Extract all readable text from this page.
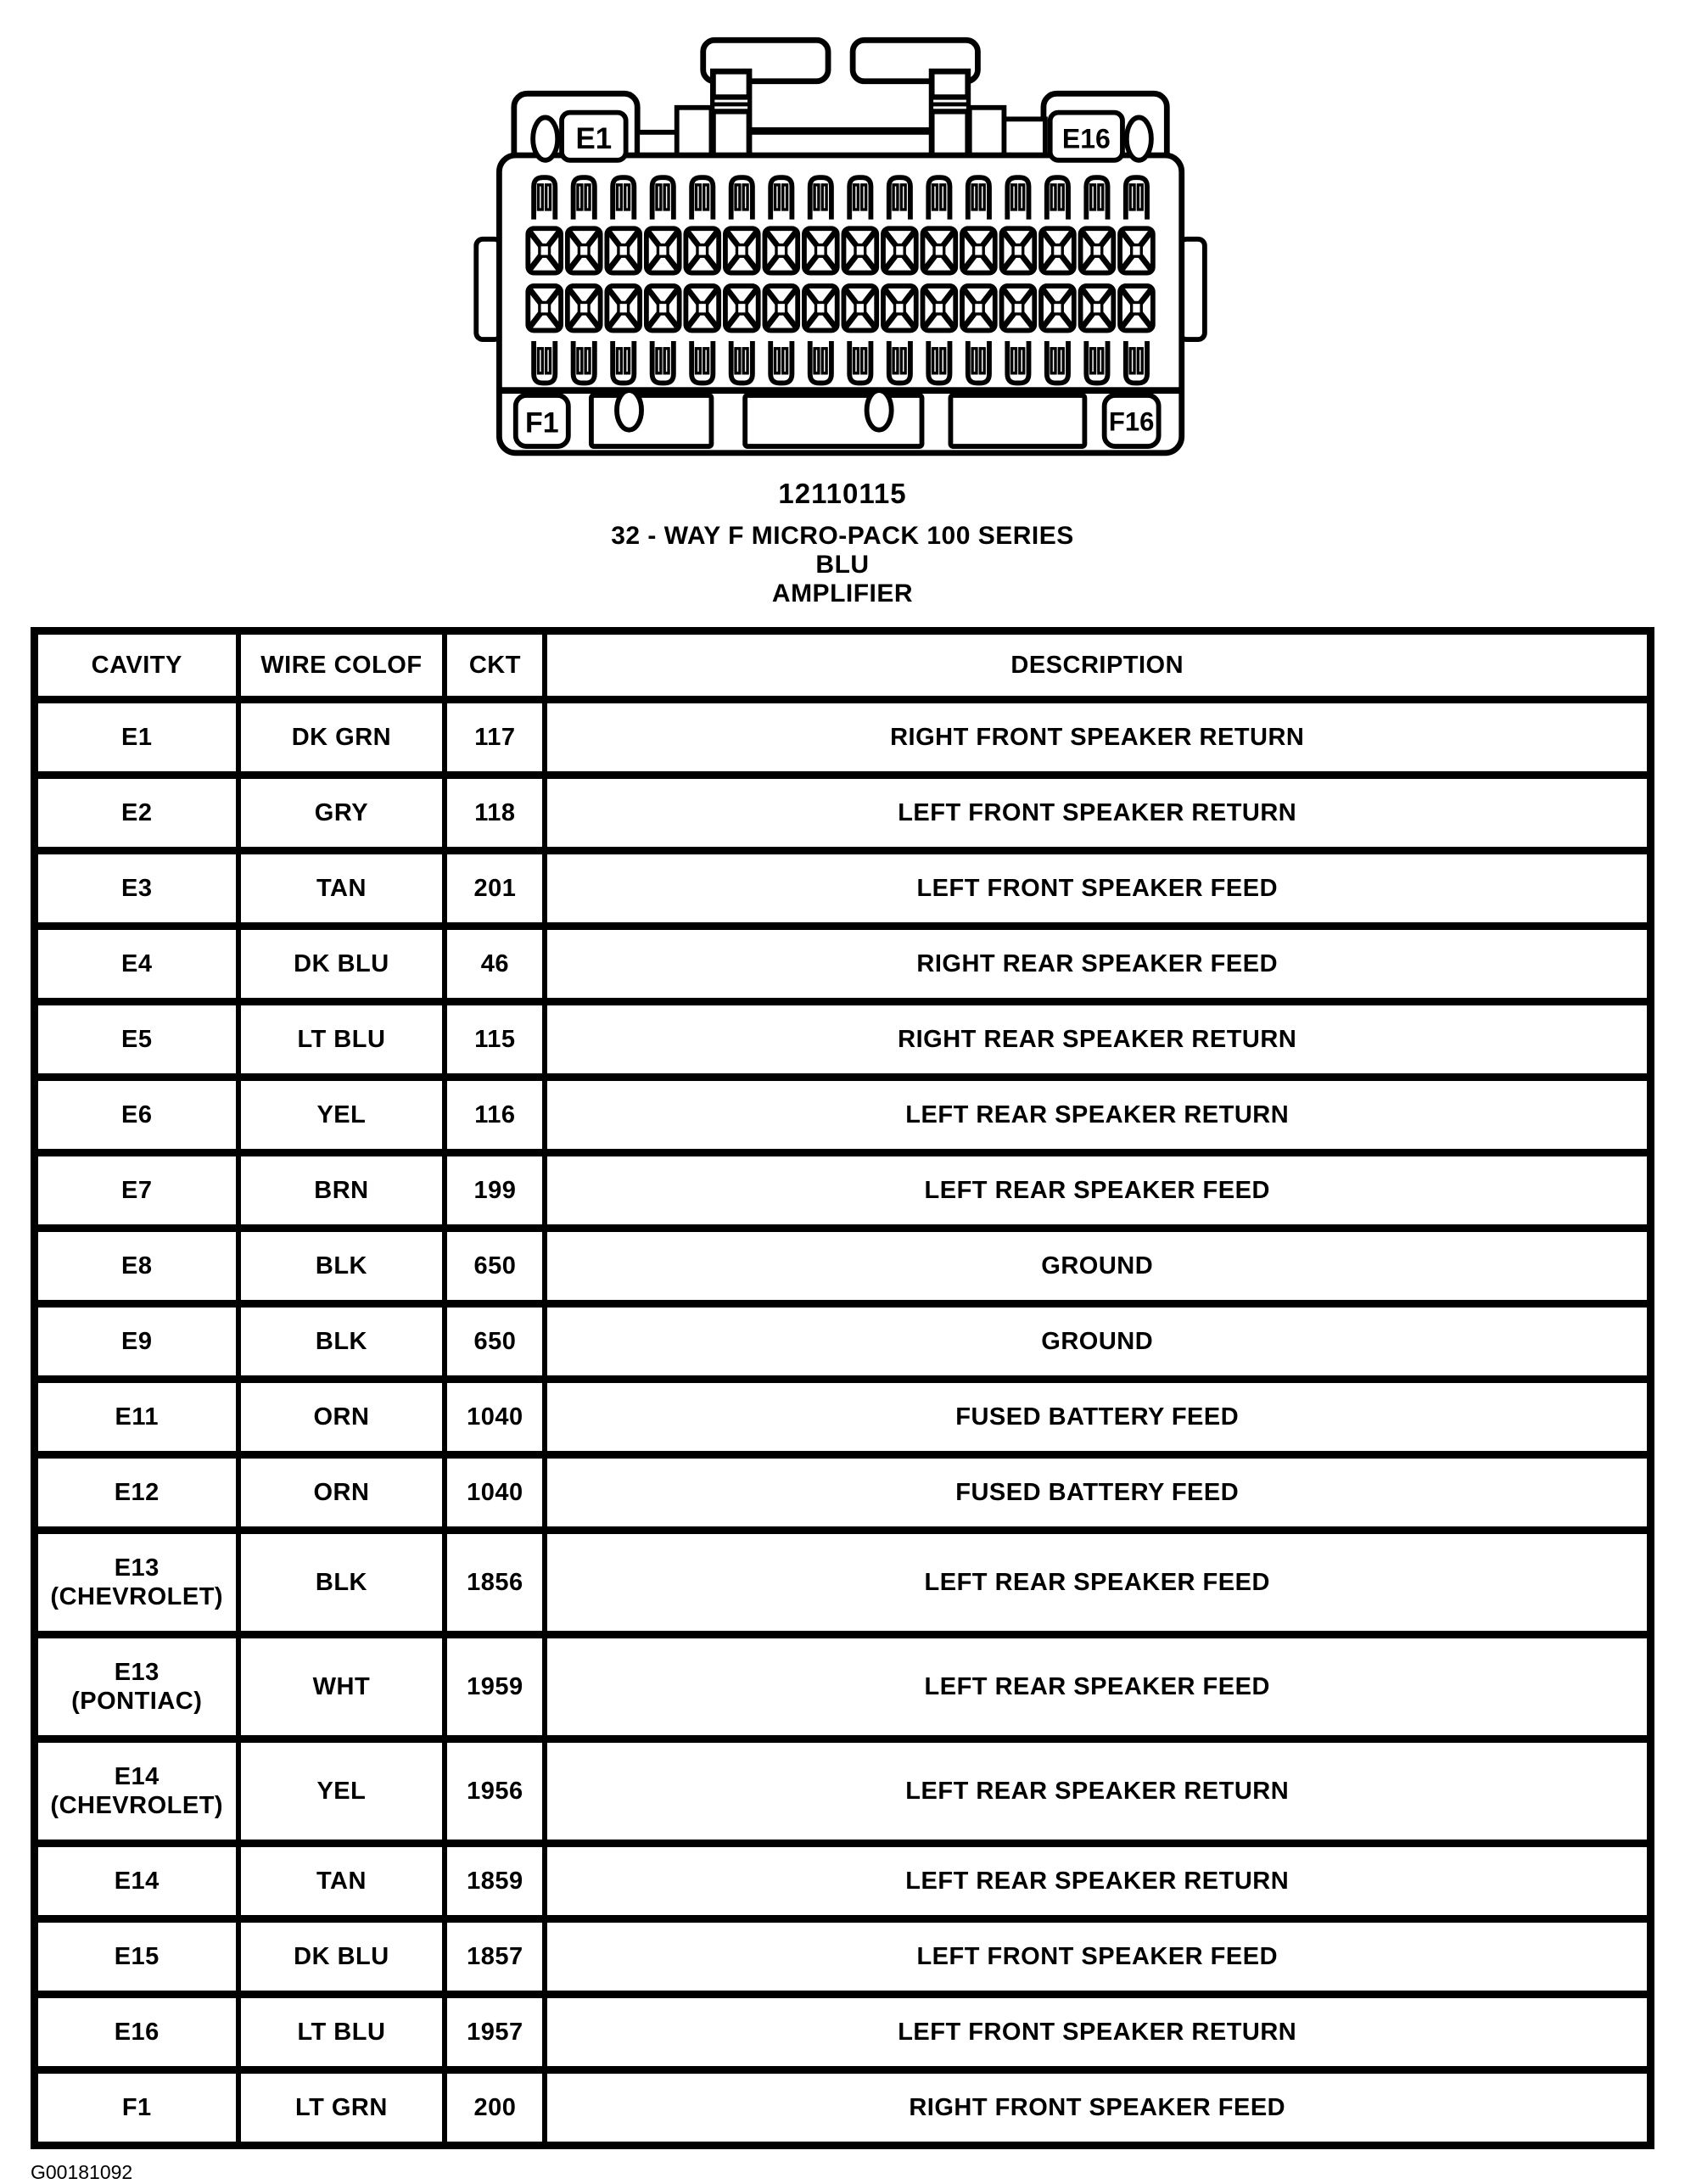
E1	E16
F1	F16
12110115
32 - WAY F MICRO-PACK 100 SERIES
BLU
AMPLIFIER
CAVITY	WIRE COLOF	CKT	DESCRIPTION

E1	DK GRN	117	RIGHT FRONT SPEAKER RETURN

E2	GRY	118	LEFT FRONT SPEAKER RETURN

E3	TAN	201	LEFT FRONT SPEAKER FEED

E4	DK BLU	46	RIGHT REAR SPEAKER FEED

E5	LT BLU	115	RIGHT REAR SPEAKER RETURN

E6	YEL	116	LEFT REAR SPEAKER RETURN

E7	BRN	199	LEFT REAR SPEAKER FEED

E8	BLK	650	GROUND

E9	BLK	650	GROUND

E11	ORN	1040	FUSED BATTERY FEED

E12	ORN	1040	FUSED BATTERY FEED

E13
(CHEVROLET)	BLK	1856	LEFT REAR SPEAKER FEED

E13
(PONTIAC)	WHT	1959	LEFT REAR SPEAKER FEED

E14
(CHEVROLET)	YEL	1956	LEFT REAR SPEAKER RETURN

E14	TAN	1859	LEFT REAR SPEAKER RETURN

E15	DK BLU	1857	LEFT FRONT SPEAKER FEED

E16	LT BLU	1957	LEFT FRONT SPEAKER RETURN

F1	LT GRN	200	RIGHT FRONT SPEAKER FEED
G00181092
